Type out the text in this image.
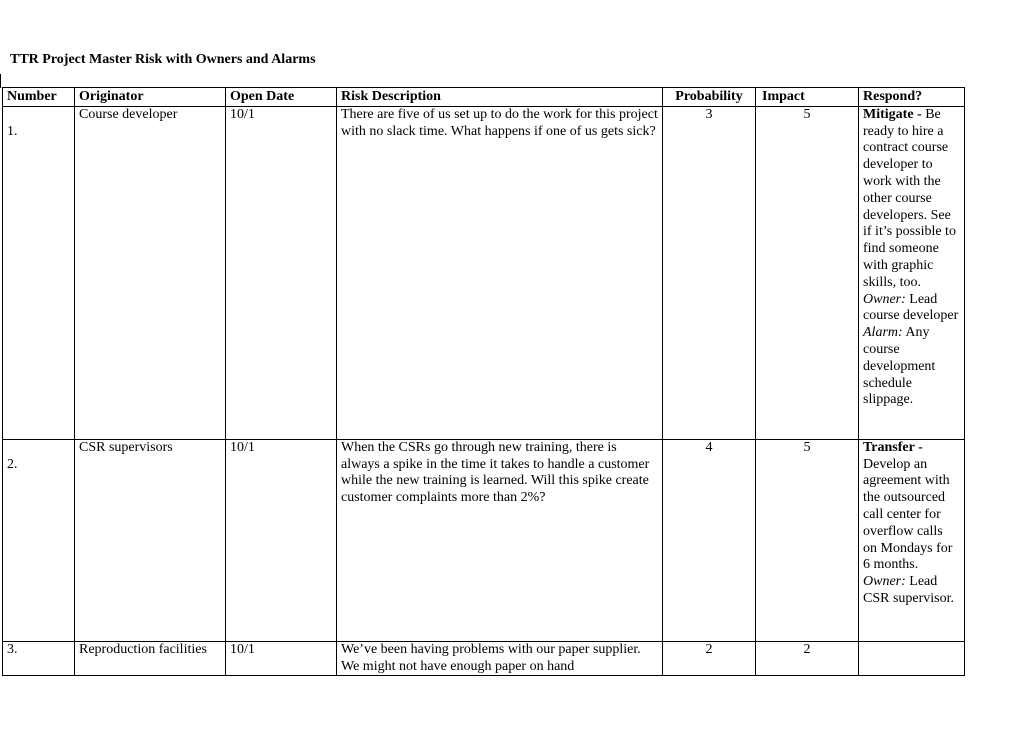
TTR Project Master Risk with Owners and Alarms
Number	Originator	Open Date	Risk Description	Probability	Impact	Respond?

1.	Course developer	10/1	There are five of us set up to do the work for this project with no slack time. What happens if one of us gets sick?	3	5	Mitigate - Be ready to hire a contract course developer to work with the other course developers. See if it’s possible to find someone with graphic skills, too. Owner: Lead course developer Alarm: Any course development schedule slippage.

2.	CSR supervisors	10/1	When the CSRs go through new training, there is always a spike in the time it takes to handle a customer while the new training is learned. Will this spike create customer complaints more than 2%?	4	5	Transfer - Develop an agreement with the outsourced call center for overflow calls on Mondays for 6 months. Owner: Lead CSR supervisor.
3.	Reproduction facilities	10/1	We’ve been having problems with our paper supplier. We might not have enough paper on hand	2	2	
